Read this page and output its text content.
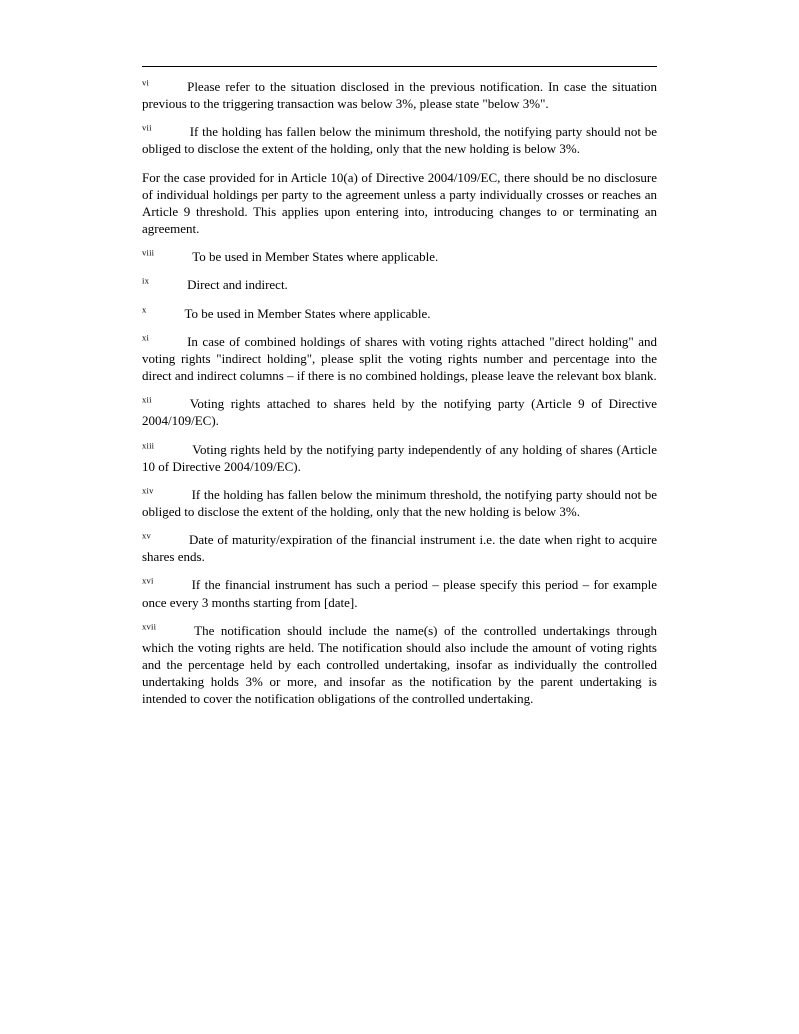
$^{vi}$	Please refer to the situation disclosed in the previous notification. In case the situation previous to the triggering transaction was below 3%, please state "below 3%".

$^{vii}$	If the holding has fallen below the minimum threshold, the notifying party should not be obliged to disclose the extent of the holding, only that the new holding is below 3%.

For the case provided for in Article 10(a) of Directive 2004/109/EC, there should be no disclosure of individual holdings per party to the agreement unless a party individually crosses or reaches an Article 9 threshold. This applies upon entering into, introducing changes to or terminating an agreement.

$^{viii}$	To be used in Member States where applicable.

$^{ix}$	Direct and indirect.

$^x$	To be used in Member States where applicable.

$^{xi}$	In case of combined holdings of shares with voting rights attached "direct holding" and voting rights "indirect holding", please split the voting rights number and percentage into the direct and indirect columns – if there is no combined holdings, please leave the relevant box blank.

$^{xii}$	Voting rights attached to shares held by the notifying party (Article 9 of Directive 2004/109/EC).

$^{xiii}$	Voting rights held by the notifying party independently of any holding of shares (Article 10 of Directive 2004/109/EC).

$^{xiv}$	If the holding has fallen below the minimum threshold, the notifying party should not be obliged to disclose the extent of the holding, only that the new holding is below 3%.

$^{xv}$	Date of maturity/expiration of the financial instrument i.e. the date when right to acquire shares ends.

$^{xvi}$	If the financial instrument has such a period – please specify this period – for example once every 3 months starting from [date].

$^{xvii}$	The notification should include the name(s) of the controlled undertakings through which the voting rights are held. The notification should also include the amount of voting rights and the percentage held by each controlled undertaking, insofar as individually the controlled undertaking holds 3% or more, and insofar as the notification by the parent undertaking is intended to cover the notification obligations of the controlled undertaking.
